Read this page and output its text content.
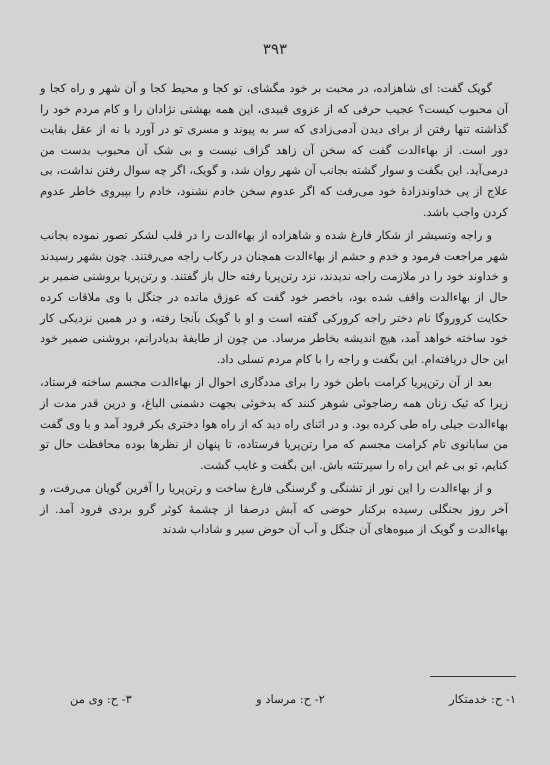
۳۹۳

گویک گفت: ای شاهزاده، در محبت بر خود مگشای، تو کجا و محیط کجا و آن شهر و راه کجا و آن محبوب کیست؟ عجیب حرفی که از عزوی قبیدی، این همه بهشتی نژادان را و کام مردم خود را گذاشته تنها رفتن از برای دیدن آدمی‌زادی که سر به پیوند و مسری تو در آورد با نه از عقل بقایت دور است. از بهاءالدت گفت که سخن آن زاهد گزاف نیست و بی شک آن محبوب بدست من درمی‌آید. این بگفت و سوار گشته بجانب آن شهر روان شد، و گویک، اگر چه سوال رفتن نداشت، بی علاج از پی خداوندزادهٔ خود می‌رفت که اگر عدوم سخن خادم نشنود، خادم را بپیروی خاطر عدوم کردن واجب باشد.

و راجه وتسیشر از شکار فارغ شده و شاهزاده از بهاءالدت را در قلب لشکر تصور نموده بجانب شهر مراجعت فرمود و خدم و حشم از بهاءالدت همچنان در رکاب راجه می‌رفتند. چون بشهر رسیدند و خداوند خود را در ملازمت راجه ندیدند، نزد رتن‌پریا رفته حال باز گفتند. و رتن‌پریا بروشنی ضمیر بر حال از بهاءالدت واقف شده بود، باخصر خود گفت که عوزق مانده در جنگل با وی ملاقات کرده حکایت کروروگا نام دختر راجه کرورکی گفته است و او با گویک بآنجا رفته، و در همین نزدیکی کار خود ساخته خواهد آمد، هیچ اندیشه بخاطر مرساد. من چون از طایفهٔ بدیادرانم، بروشنی ضمیر خود این حال دریافته‌ام. این بگفت و راجه را با کام مردم تسلی داد.

بعد از آن رتن‌پریا کرامت باطن خود را برای مددگاری احوال از بهاءالدت مجسم ساخته فرستاد، زیرا که ثیک زنان همه رضاجوئی شوهر کنند که بدخوئی بجهت دشمنی الباغ، و درین قدر مدت از بهاءالدت جیلی راه طی کرده بود. و در اثنای راه دید که از راه هوا دختری بکر فرود آمد و با وی گفت من سابانوی تام کرامت مجسم که مرا رتن‌پریا فرستاده، تا پنهان از نظرها بوده محافظت حال تو کنایم، تو بی غم این راه را سپرتئته باش. این بگفت و غایب گشت.

و از بهاءالدت را این نور از تشنگی و گرسنگی فارغ ساخت و رتن‌پریا را آفرین گویان می‌رفت، و آخر روز بجنگلی رسیده برکنار حوضی که آبش درصفا از چشمهٔ کوثر گرو بردی فرود آمد. از بهاءالدت و گویک از میوه‌های آن جنگل و آب آن حوض سیر و شاداب شدند

۱- ح: خدمتکار
۲- ح: مرساد و
۳- ح: وی من
